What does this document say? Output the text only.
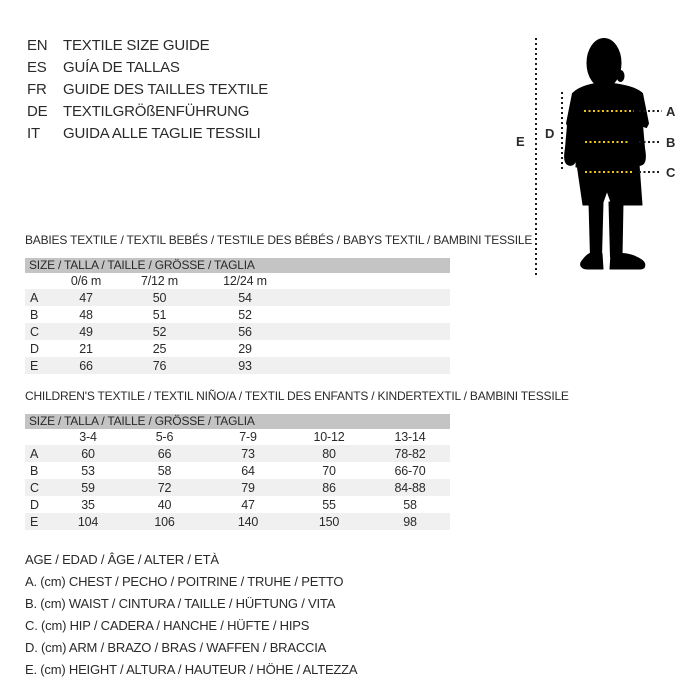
EN TEXTILE SIZE GUIDE
ES GUÍA DE TALLAS
FR GUIDE DES TAILLES TEXTILE
DE TEXTILGRÖßENFÜHRUNG
IT GUIDA ALLE TAGLIE TESSILI
A
B
C
D
E
BABIES TEXTILE / TEXTIL BEBÉS / TESTILE DES BÉBÉS / BABYS TEXTIL / BAMBINI TESSILE
SIZE / TALLA / TAILLE / GRÖSSE / TAGLIA
	0/6 m	7/12 m	12/24 m	
A	47	50	54	
B	48	51	52	
C	49	52	56	
D	21	25	29	
E	66	76	93	
CHILDREN'S TEXTILE / TEXTIL NIÑO/A / TEXTIL DES ENFANTS / KINDERTEXTIL / BAMBINI TESSILE
SIZE / TALLA / TAILLE / GRÖSSE / TAGLIA
	3-4	5-6	7-9	10-12	13-14
A	60	66	73	80	78-82
B	53	58	64	70	66-70
C	59	72	79	86	84-88
D	35	40	47	55	58
E	104	106	140	150	98
AGE / EDAD / ÂGE / ALTER / ETÀ
A. (cm) CHEST / PECHO / POITRINE / TRUHE / PETTO
B. (cm) WAIST / CINTURA / TAILLE / HÜFTUNG / VITA
C. (cm) HIP / CADERA / HANCHE / HÜFTE / HIPS
D. (cm) ARM / BRAZO / BRAS / WAFFEN / BRACCIA
E. (cm) HEIGHT / ALTURA / HAUTEUR / HÖHE / ALTEZZA
